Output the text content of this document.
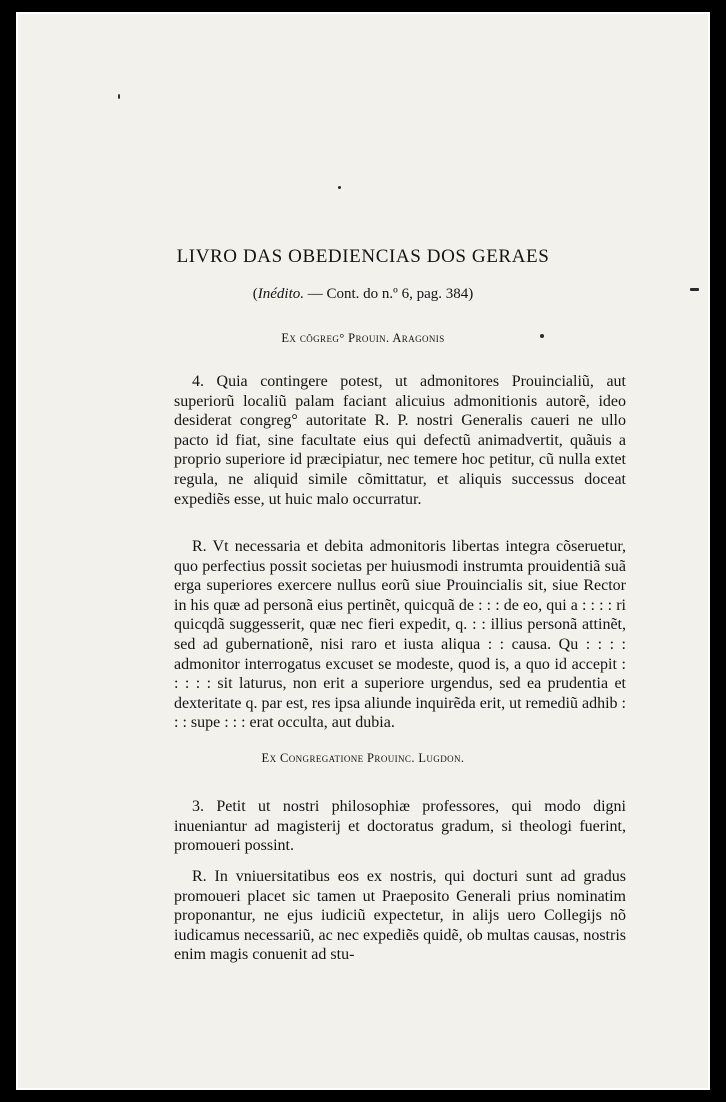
LIVRO DAS OBEDIENCIAS DOS GERAES
(Inédito. — Cont. do n.º 6, pag. 384)
Ex cõgreg° Prouin. Aragonis

4. Quia contingere potest, ut admonitores Prouincialiũ, aut superiorũ localiũ palam faciant alicuius admonitionis autorẽ, ideo desiderat congreg° autoritate R. P. nostri Generalis caueri ne ullo pacto id fiat, sine facultate eius qui defectũ animadvertit, quãuis a proprio superiore id præcipiatur, nec temere hoc petitur, cũ nulla extet regula, ne aliquid simile cõmittatur, et aliquis successus doceat expediẽs esse, ut huic malo occurratur.

R. Vt necessaria et debita admonitoris libertas integra cõseruetur, quo perfectius possit societas per huiusmodi instrumta prouidentiã suã erga superiores exercere nullus eorũ siue Prouincialis sit, siue Rector in his quæ ad personã eius pertinẽt, quicquã de : : : de eo, qui a : : : : ri quicqdã suggesserit, quæ nec fieri expedit, q. : : illius personã attinẽt, sed ad gubernationẽ, nisi raro et iusta aliqua : : causa. Qu : : : : admonitor interrogatus excuset se modeste, quod is, a quo id accepit : : : : : sit laturus, non erit a superiore urgendus, sed ea prudentia et dexteritate q. par est, res ipsa aliunde inquirẽda erit, ut remediũ adhib : : : supe : : : erat occulta, aut dubia.

Ex Congregatione Prouinc. Lugdon.

3. Petit ut nostri philosophiæ professores, qui modo digni inueniantur ad magisterij et doctoratus gradum, si theologi fuerint, promoueri possint.

R. In vniuersitatibus eos ex nostris, qui docturi sunt ad gradus promoueri placet sic tamen ut Praeposito Generali prius nominatim proponantur, ne ejus iudiciũ expectetur, in alijs uero Collegijs nõ iudicamus necessariũ, ac nec expediẽs quidẽ, ob multas causas, nostris enim magis conuenit ad stu-
